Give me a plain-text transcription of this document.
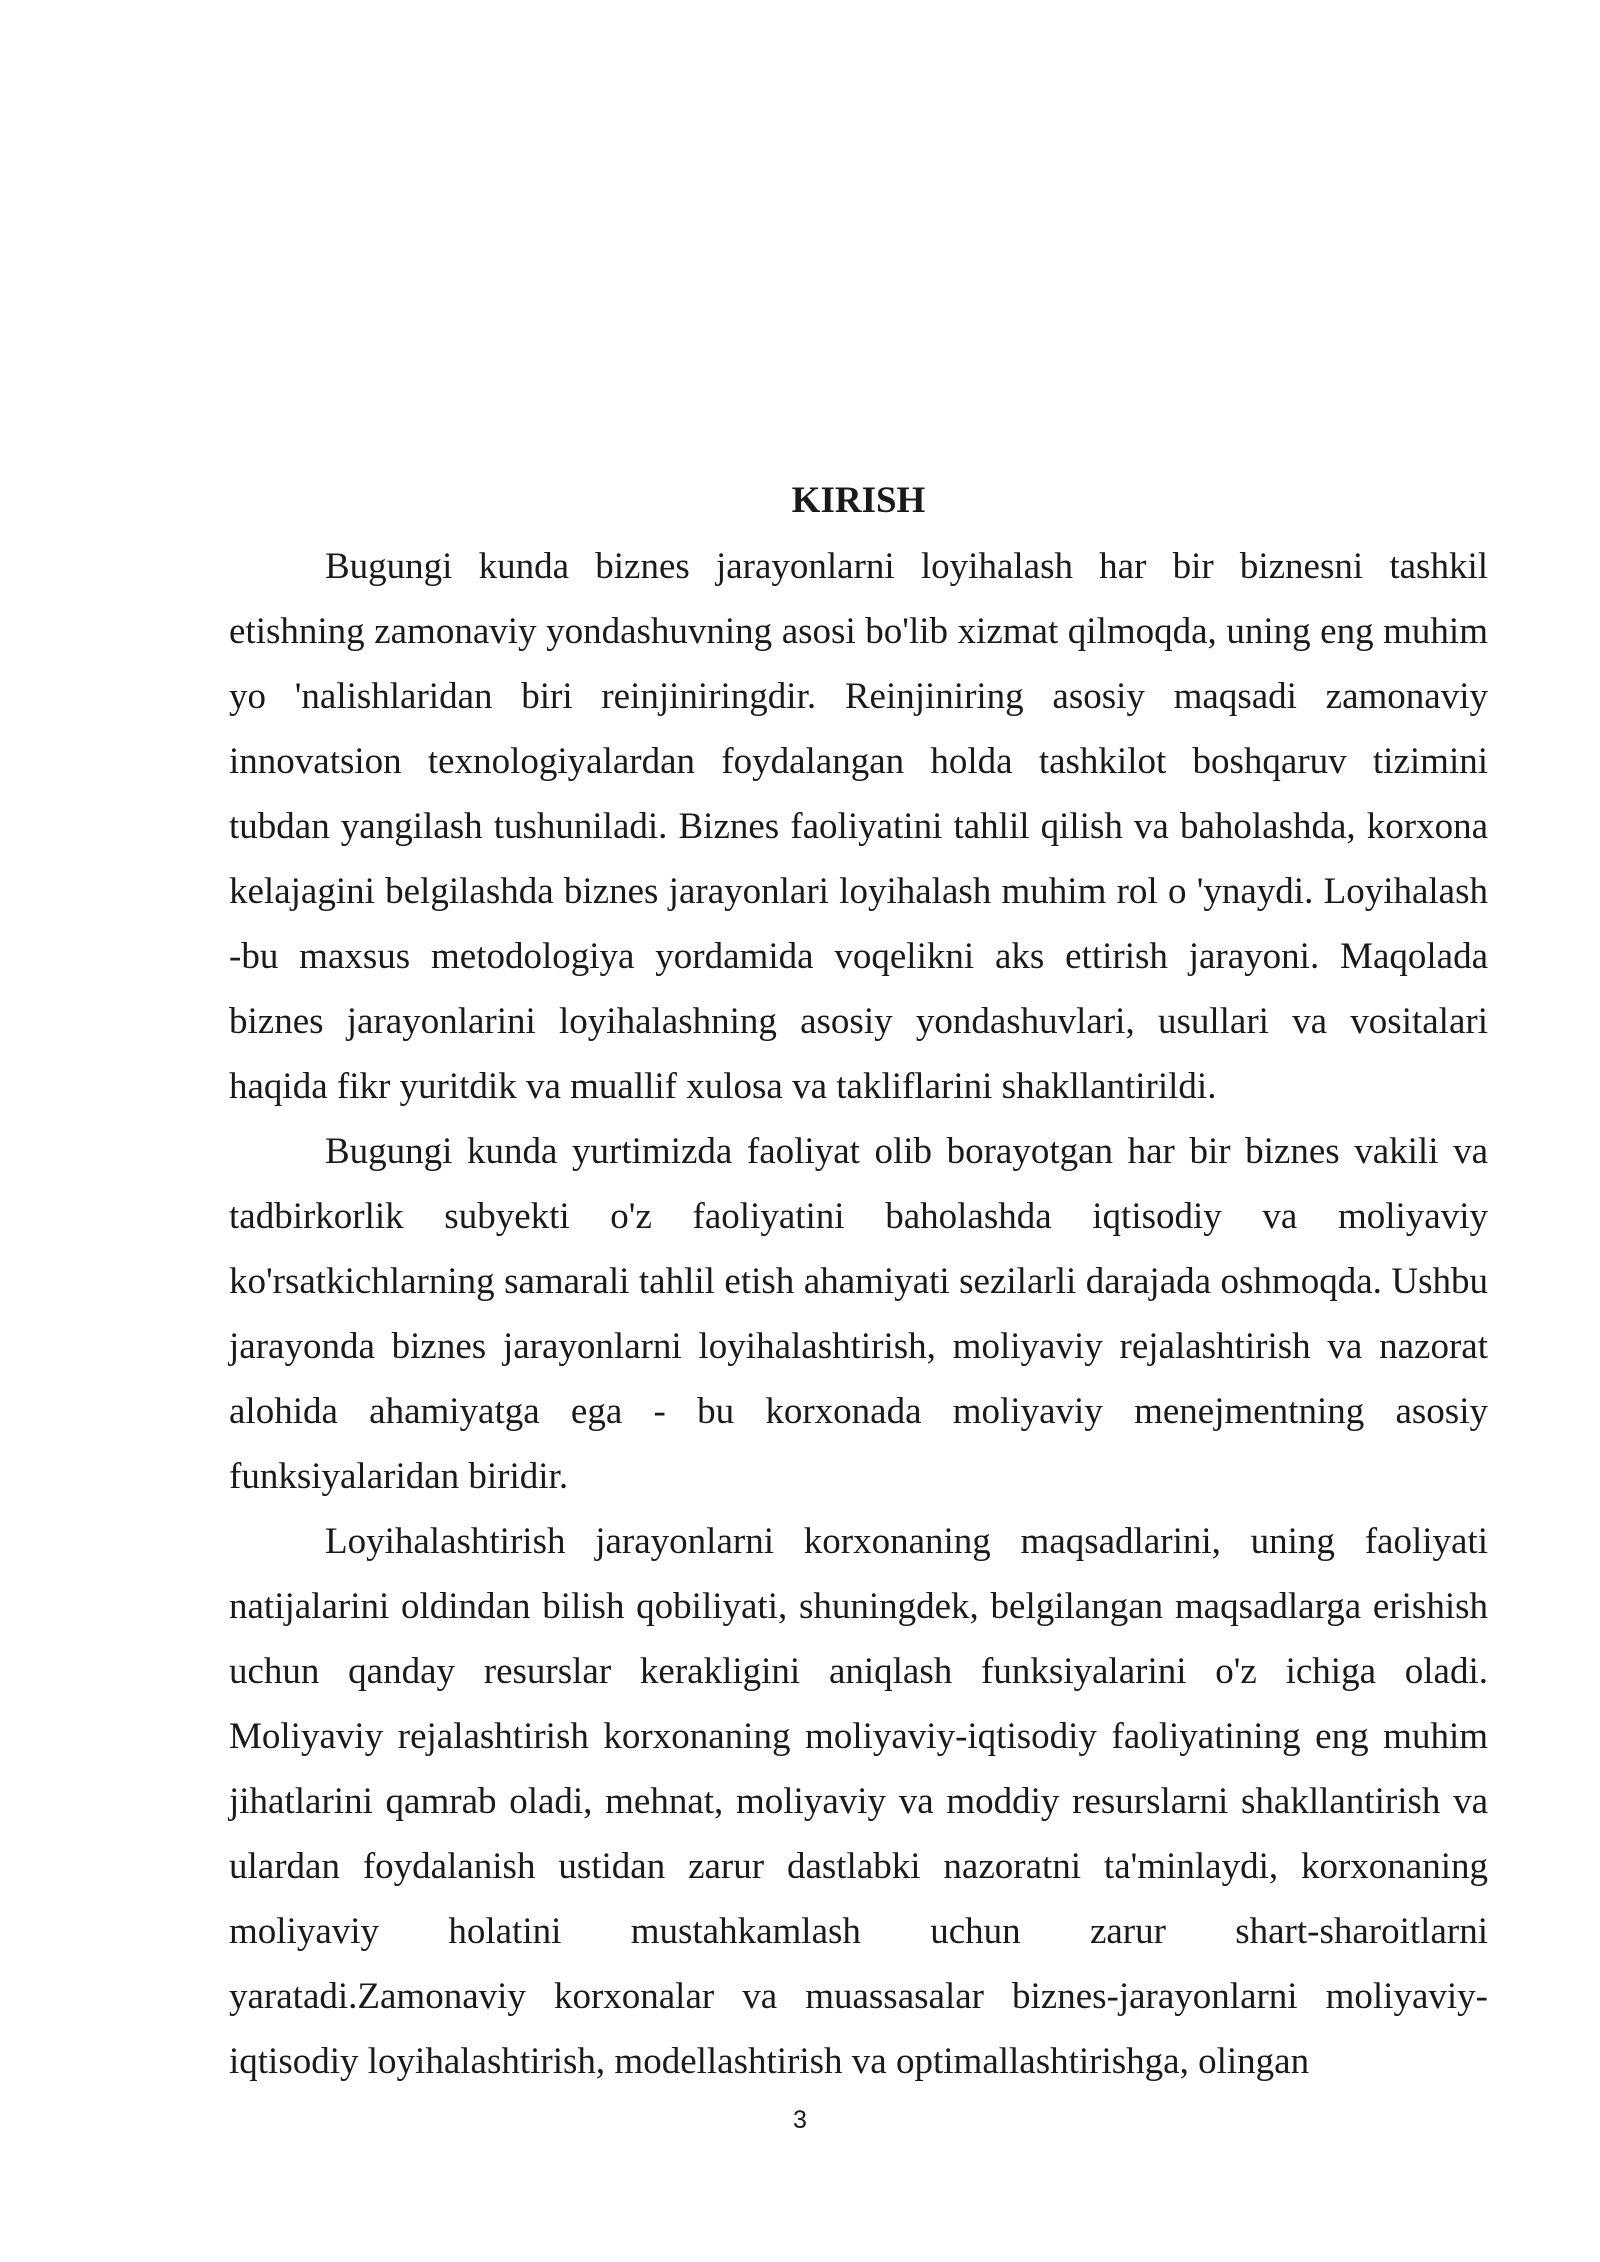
KIRISH

Bugungi kunda biznes jarayonlarni loyihalash har bir biznesni tashkil etishning zamonaviy yondashuvning asosi bo'lib xizmat qilmoqda, uning eng muhim yo 'nalishlaridan biri reinjiniringdir. Reinjiniring asosiy maqsadi zamonaviy innovatsion texnologiyalardan foydalangan holda tashkilot boshqaruv tizimini tubdan yangilash tushuniladi. Biznes faoliyatini tahlil qilish va baholashda, korxona kelajagini belgilashda biznes jarayonlari loyihalash muhim rol o 'ynaydi. Loyihalash -bu maxsus metodologiya yordamida voqelikni aks ettirish jarayoni. Maqolada biznes jarayonlarini loyihalashning asosiy yondashuvlari, usullari va vositalari haqida fikr yuritdik va muallif xulosa va takliflarini shakllantirildi.

Bugungi kunda yurtimizda faoliyat olib borayotgan har bir biznes vakili va tadbirkorlik subyekti o'z faoliyatini baholashda iqtisodiy va moliyaviy ko'rsatkichlarning samarali tahlil etish ahamiyati sezilarli darajada oshmoqda. Ushbu jarayonda biznes jarayonlarni loyihalashtirish, moliyaviy rejalashtirish va nazorat alohida ahamiyatga ega - bu korxonada moliyaviy menejmentning asosiy funksiyalaridan biridir.

Loyihalashtirish jarayonlarni korxonaning maqsadlarini, uning faoliyati natijalarini oldindan bilish qobiliyati, shuningdek, belgilangan maqsadlarga erishish uchun qanday resurslar kerakligini aniqlash funksiyalarini o'z ichiga oladi. Moliyaviy rejalashtirish korxonaning moliyaviy-iqtisodiy faoliyatining eng muhim jihatlarini qamrab oladi, mehnat, moliyaviy va moddiy resurslarni shakllantirish va ulardan foydalanish ustidan zarur dastlabki nazoratni ta'minlaydi, korxonaning moliyaviy holatini mustahkamlash uchun zarur shart-sharoitlarni yaratadi.Zamonaviy korxonalar va muassasalar biznes-jarayonlarni moliyaviy-iqtisodiy loyihalashtirish, modellashtirish va optimallashtirishga, olingan

3
